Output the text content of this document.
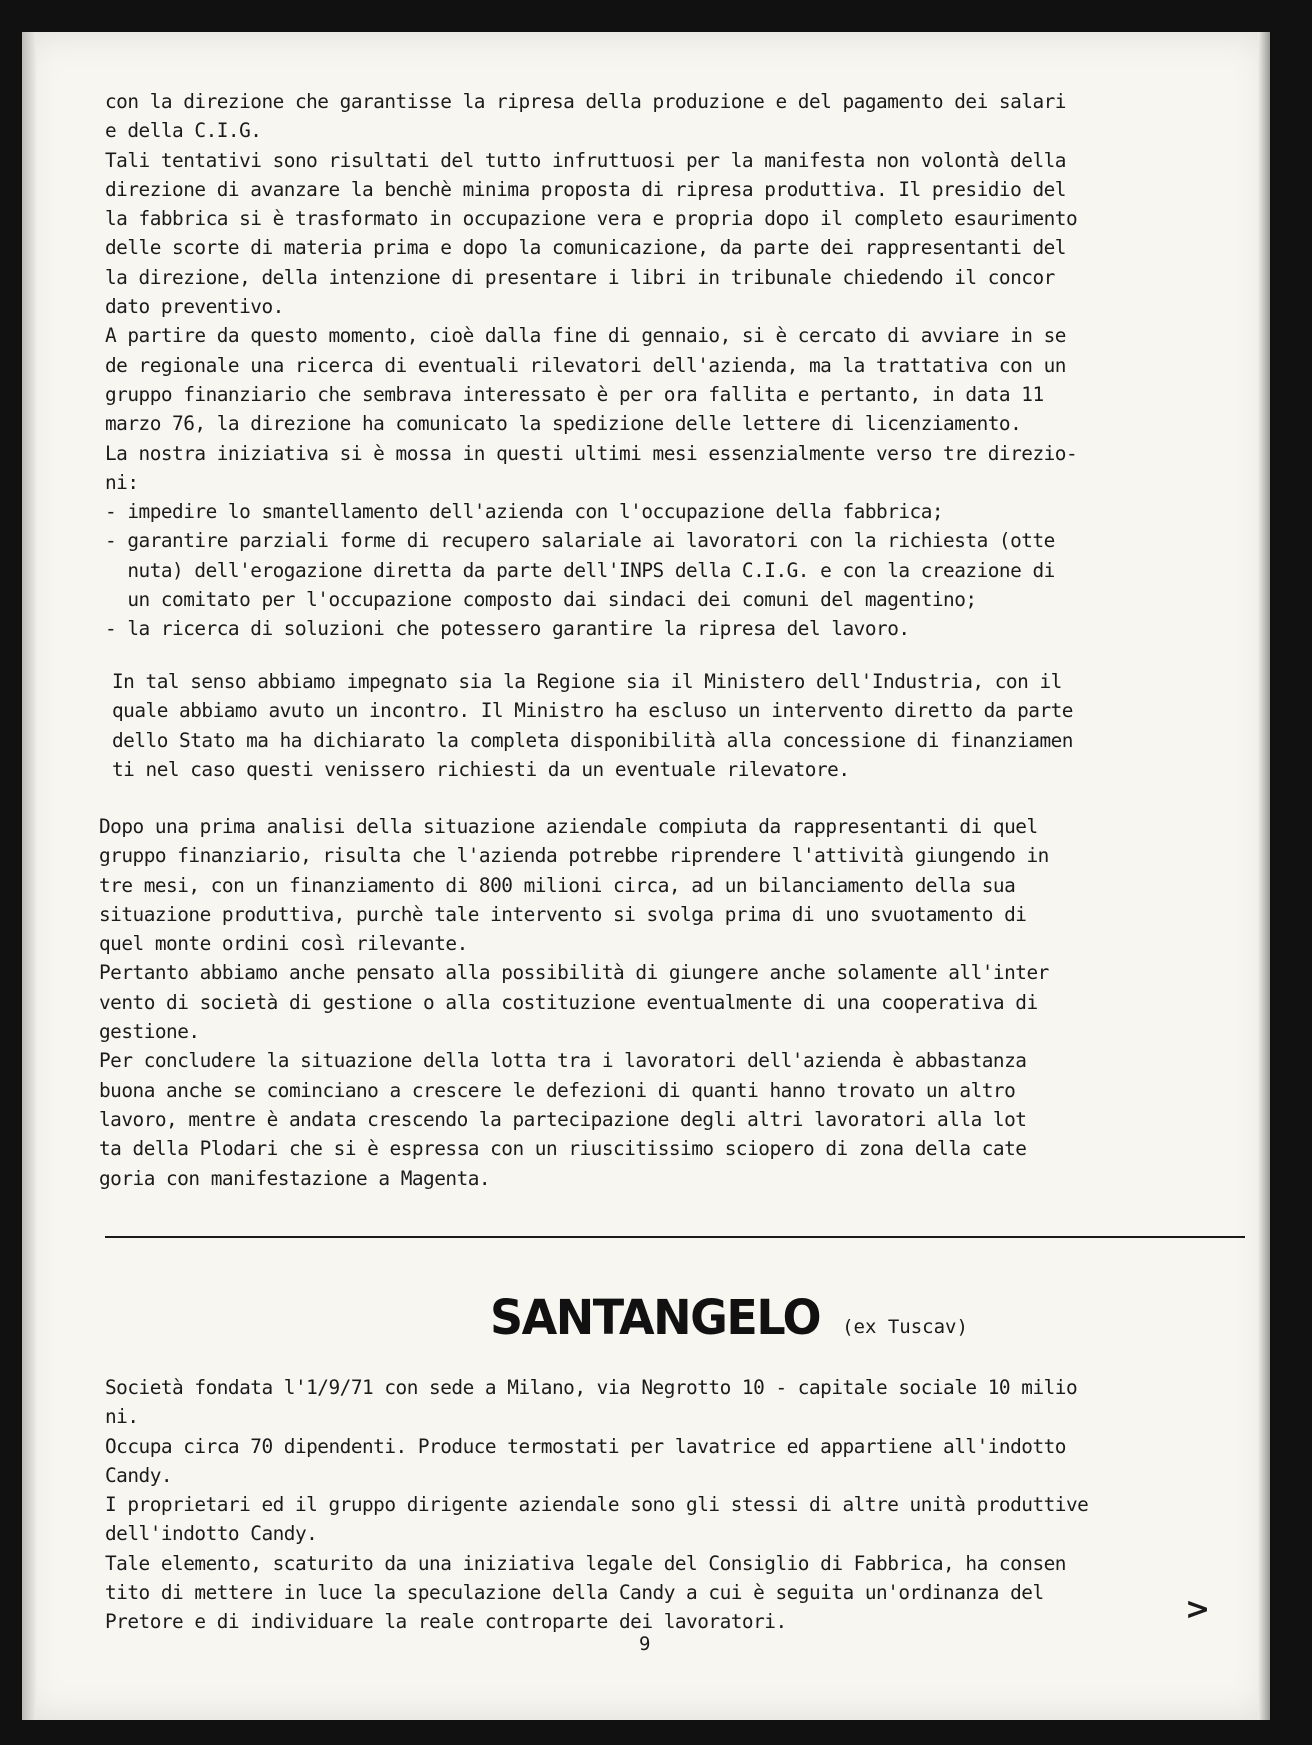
con la direzione che garantisse la ripresa della produzione e del pagamento dei salari
e della C.I.G.
Tali tentativi sono risultati del tutto infruttuosi per la manifesta non volontà della
direzione di avanzare la benchè minima proposta di ripresa produttiva. Il presidio del
la fabbrica si è trasformato in occupazione vera e propria dopo il completo esaurimento
delle scorte di materia prima e dopo la comunicazione, da parte dei rappresentanti del
la direzione, della intenzione di presentare i libri in tribunale chiedendo il concor
dato preventivo.
A partire da questo momento, cioè dalla fine di gennaio, si è cercato di avviare in se
de regionale una ricerca di eventuali rilevatori dell'azienda, ma la trattativa con un
gruppo finanziario che sembrava interessato è per ora fallita e pertanto, in data 11
marzo 76, la direzione ha comunicato la spedizione delle lettere di licenziamento.
La nostra iniziativa si è mossa in questi ultimi mesi essenzialmente verso tre direzio-
ni:
- impedire lo smantellamento dell'azienda con l'occupazione della fabbrica;
- garantire parziali forme di recupero salariale ai lavoratori con la richiesta (otte
nuta) dell'erogazione diretta da parte dell'INPS della C.I.G. e con la creazione di
un comitato per l'occupazione composto dai sindaci dei comuni del magentino;
- la ricerca di soluzioni che potessero garantire la ripresa del lavoro.
In tal senso abbiamo impegnato sia la Regione sia il Ministero dell'Industria, con il
quale abbiamo avuto un incontro. Il Ministro ha escluso un intervento diretto da parte
dello Stato ma ha dichiarato la completa disponibilità alla concessione di finanziamen
ti nel caso questi venissero richiesti da un eventuale rilevatore.
Dopo una prima analisi della situazione aziendale compiuta da rappresentanti di quel
gruppo finanziario, risulta che l'azienda potrebbe riprendere l'attività giungendo in
tre mesi, con un finanziamento di 800 milioni circa, ad un bilanciamento della sua
situazione produttiva, purchè tale intervento si svolga prima di uno svuotamento di
quel monte ordini così rilevante.
Pertanto abbiamo anche pensato alla possibilità di giungere anche solamente all'inter
vento di società di gestione o alla costituzione eventualmente di una cooperativa di
gestione.
Per concludere la situazione della lotta tra i lavoratori dell'azienda è abbastanza
buona anche se cominciano a crescere le defezioni di quanti hanno trovato un altro
lavoro, mentre è andata crescendo la partecipazione degli altri lavoratori alla lot
ta della Plodari che si è espressa con un riuscitissimo sciopero di zona della cate
goria con manifestazione a Magenta.
SANTANGELO (ex Tuscav)
Società fondata l'1/9/71 con sede a Milano, via Negrotto 10 - capitale sociale 10 milio
ni.
Occupa circa 70 dipendenti. Produce termostati per lavatrice ed appartiene all'indotto
Candy.
I proprietari ed il gruppo dirigente aziendale sono gli stessi di altre unità produttive
dell'indotto Candy.
Tale elemento, scaturito da una iniziativa legale del Consiglio di Fabbrica, ha consen
tito di mettere in luce la speculazione della Candy a cui è seguita un'ordinanza del
Pretore e di individuare la reale controparte dei lavoratori.	>
9
